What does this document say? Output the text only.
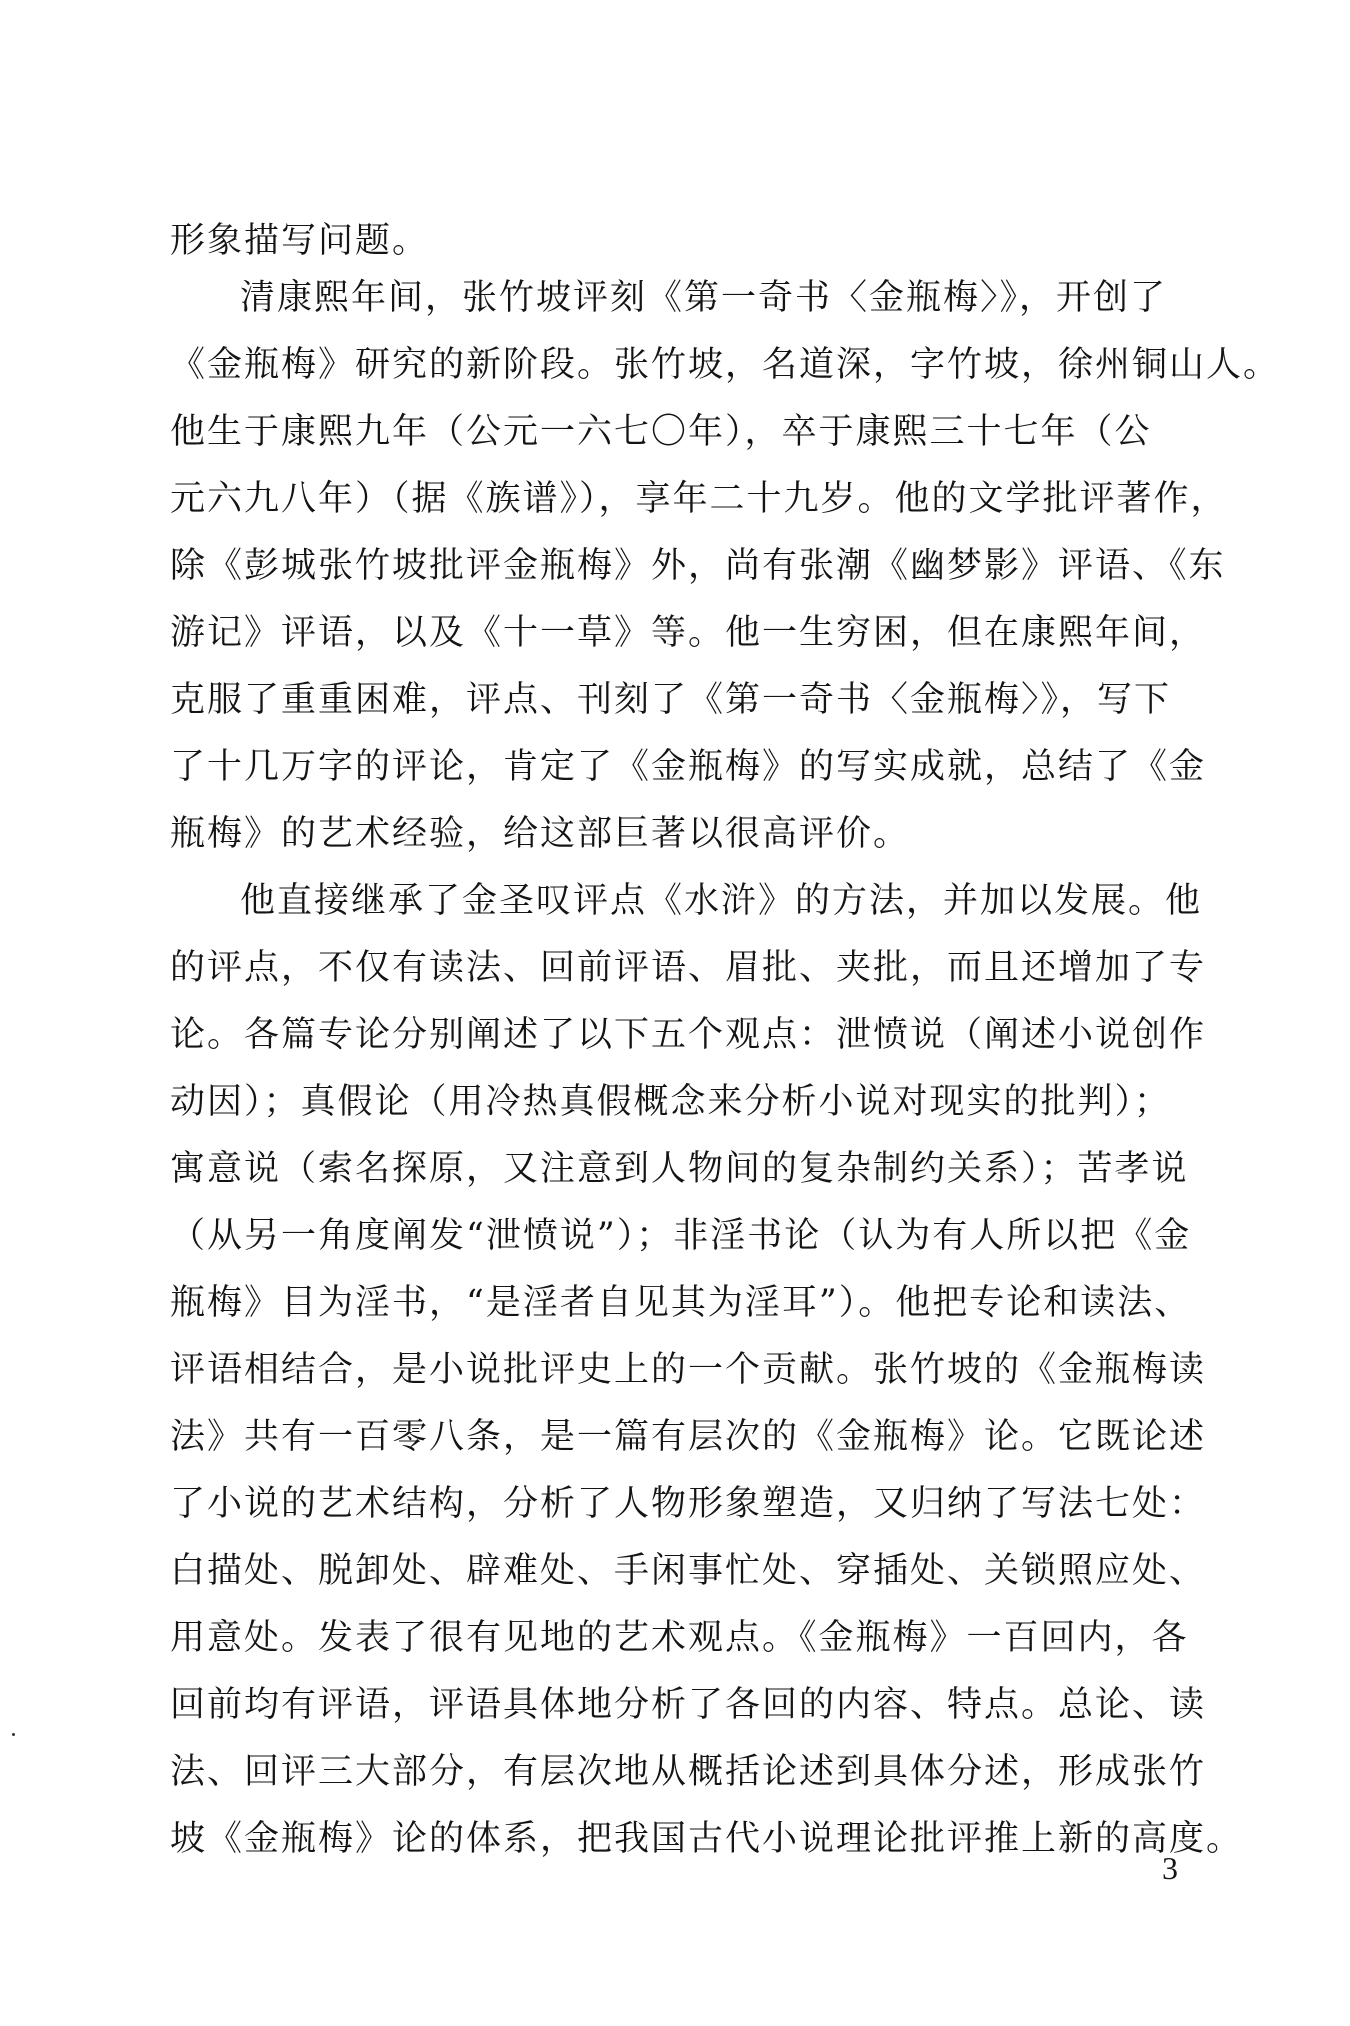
形象描写问题。
清康熙年间，张竹坡评刻《第一奇书〈金瓶梅〉》，开创了
《金瓶梅》研究的新阶段。张竹坡，名道深，字竹坡，徐州铜山人。
他生于康熙九年（公元一六七〇年），卒于康熙三十七年（公
元六九八年）（据《族谱》），享年二十九岁。他的文学批评著作，
除《彭城张竹坡批评金瓶梅》外，尚有张潮《幽梦影》评语、《东
游记》评语，以及《十一草》等。他一生穷困，但在康熙年间，
克服了重重困难，评点、刊刻了《第一奇书〈金瓶梅〉》，写下
了十几万字的评论，肯定了《金瓶梅》的写实成就，总结了《金
瓶梅》的艺术经验，给这部巨著以很高评价。
他直接继承了金圣叹评点《水浒》的方法，并加以发展。他
的评点，不仅有读法、回前评语、眉批、夹批，而且还增加了专
论。各篇专论分别阐述了以下五个观点：泄愤说（阐述小说创作
动因）；真假论（用冷热真假概念来分析小说对现实的批判）；
寓意说（索名探原，又注意到人物间的复杂制约关系）；苦孝说
（从另一角度阐发“泄愤说”）；非淫书论（认为有人所以把《金
瓶梅》目为淫书，“是淫者自见其为淫耳”）。他把专论和读法、
评语相结合，是小说批评史上的一个贡献。张竹坡的《金瓶梅读
法》共有一百零八条，是一篇有层次的《金瓶梅》论。它既论述
了小说的艺术结构，分析了人物形象塑造，又归纳了写法七处：
白描处、脱卸处、辟难处、手闲事忙处、穿插处、关锁照应处、
用意处。发表了很有见地的艺术观点。《金瓶梅》一百回内，各
回前均有评语，评语具体地分析了各回的内容、特点。总论、读
法、回评三大部分，有层次地从概括论述到具体分述，形成张竹
坡《金瓶梅》论的体系，把我国古代小说理论批评推上新的高度。
3
